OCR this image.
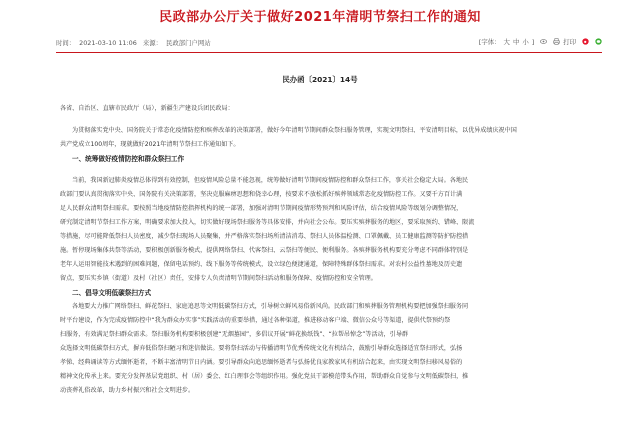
民政部办公厅关于做好2021年清明节祭扫工作的通知
时间： 2021-03-10 11:06 来源： 民政部门户网站	[字体： 大 中 小 ]	打印
民办函〔2021〕14号

各省、自治区、直辖市民政厅（局），新疆生产建设兵团民政局：

为贯彻落实党中央、国务院关于常态化疫情防控和殡葬改革的决策部署，做好今年清明节期间群众祭扫服务管理，实现文明祭扫、平安清明目标，以优异成绩庆祝中国

共产党成立100周年，现就做好2021年清明节祭扫工作通知如下。

一、统筹做好疫情防控和群众祭扫工作

当前，我国新冠肺炎疫情总体得到有效控制，但疫情风险总量不能忽视，统筹做好清明节期间疫情防控和群众祭扫工作，事关社会稳定大局。各地民

政部门要认真贯彻落实中央、国务院有关决策部署，坚决克服麻痹思想和侥幸心理，按要求不放松抓好殡葬领域常态化疫情防控工作。又要千方百计满

足人民群众清明祭扫需求。要按照当地疫情防控指挥机构的统一部署，加强对清明节期间疫情形势预判和风险评估，结合疫情风险等级划分调整情况，

研究制定清明节祭扫工作方案，明确要求加大投入，切实做好现场祭扫服务等具体安排，并向社会公布。要压实殡葬服务的地区，要采取预约、错峰、限流

等措施，尽可能降低祭扫人员密度，减少祭扫现场人员聚集，并严格落实祭扫场所清洁消毒、祭扫人员体温检测、口罩佩戴、员工健康监测等防护防控措

施。暂停现场集体共祭等活动，要积极创新服务模式，提供网络祭扫、代客祭扫、云祭扫等便民、便利服务。各殡葬服务机构要充分考虑不同群体特别是

老年人运用智能技术遇到的困难问题，保留电话预约、线下服务等传统模式，设立绿色便捷通道，保障特殊群体祭扫需求。对农村公益性墓地及历史遗

留点，要压实乡镇（街道）及村（社区）责任，安排专人负责清明节期间祭扫活动和服务保障、疫情防控和安全管理。

二、倡导文明低碳祭扫方式

各地要大力推广网络祭扫、鲜花祭扫、家庭追思等文明低碳祭扫方式，引导树立鲜风易俗新风尚。民政部门和殡葬服务管理机构要把加强祭扫服务同

时平台建设，作为完成疫情防控中“我为群众办实事”实践活动的重要举措，通过各种渠道，推进移动客户端、微信公众号等渠道，提供代祭预约祭

扫服务，有效满足祭扫群众需求。祭扫服务机构要积极创建“无烟墓园”，多倡议开展“鲜花换纸钱”、“拉帮吊悼念”等活动，引导群

众选择文明低碳祭扫方式，摒弃低俗祭扫陋习和迷信做法。要将祭扫活动与传播清明节优秀传统文化有机结合，鼓励引导群众选择适宜祭扫形式，弘扬

孝悌、经典诵读等方式缅怀逝者，不断丰富清明节日内涵。要引导群众向追思缅怀逝者与弘扬优良家教家风有机结合起来，由实现文明祭扫移风易俗的

精神文化传承上来。要充分发挥基层党组织、村（居）委会、红白理事会等组织作用。强化党员干部模范带头作用，帮助群众自觉参与文明低碳祭扫，推

动丧葬礼俗改革，助力乡村振兴和社会文明进步。
